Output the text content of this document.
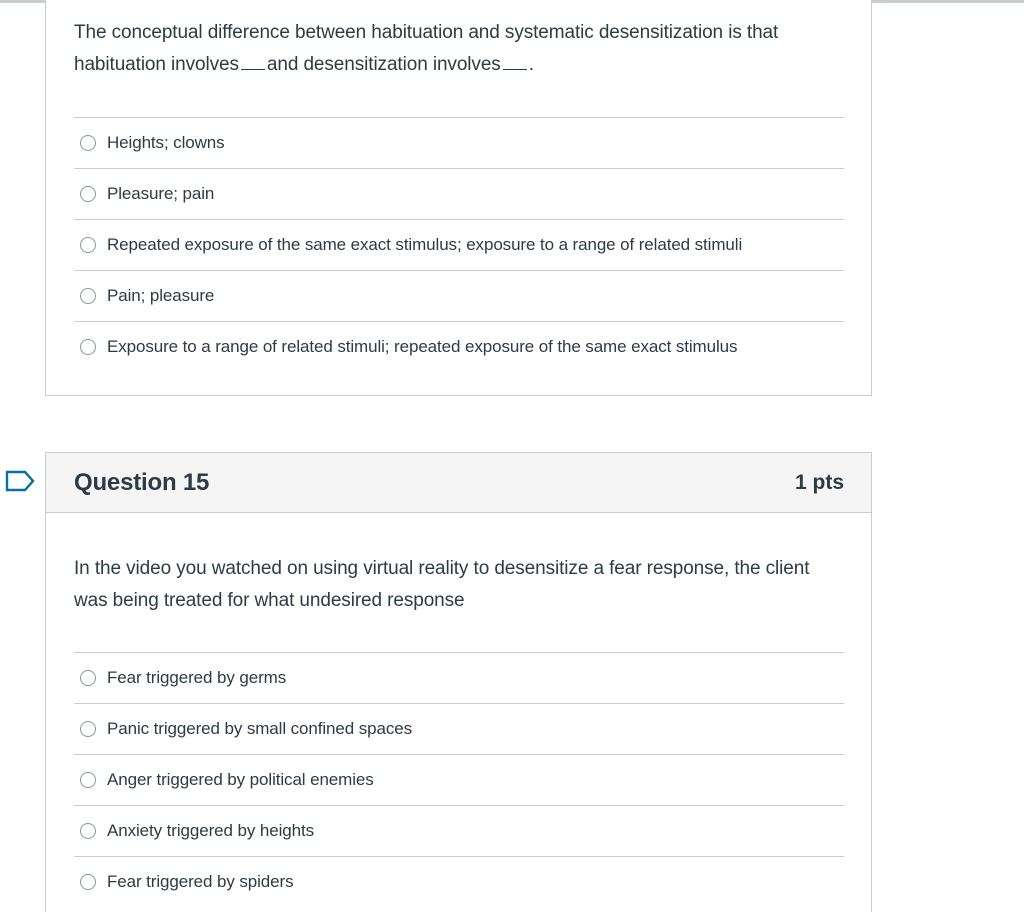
The conceptual difference between habituation and systematic desensitization is that habituation involves and desensitization involves .
Heights; clowns
Pleasure; pain
Repeated exposure of the same exact stimulus; exposure to a range of related stimuli
Pain; pleasure
Exposure to a range of related stimuli; repeated exposure of the same exact stimulus
Question 15	1 pts
In the video you watched on using virtual reality to desensitize a fear response, the client was being treated for what undesired response
Fear triggered by germs
Panic triggered by small confined spaces
Anger triggered by political enemies
Anxiety triggered by heights
Fear triggered by spiders
